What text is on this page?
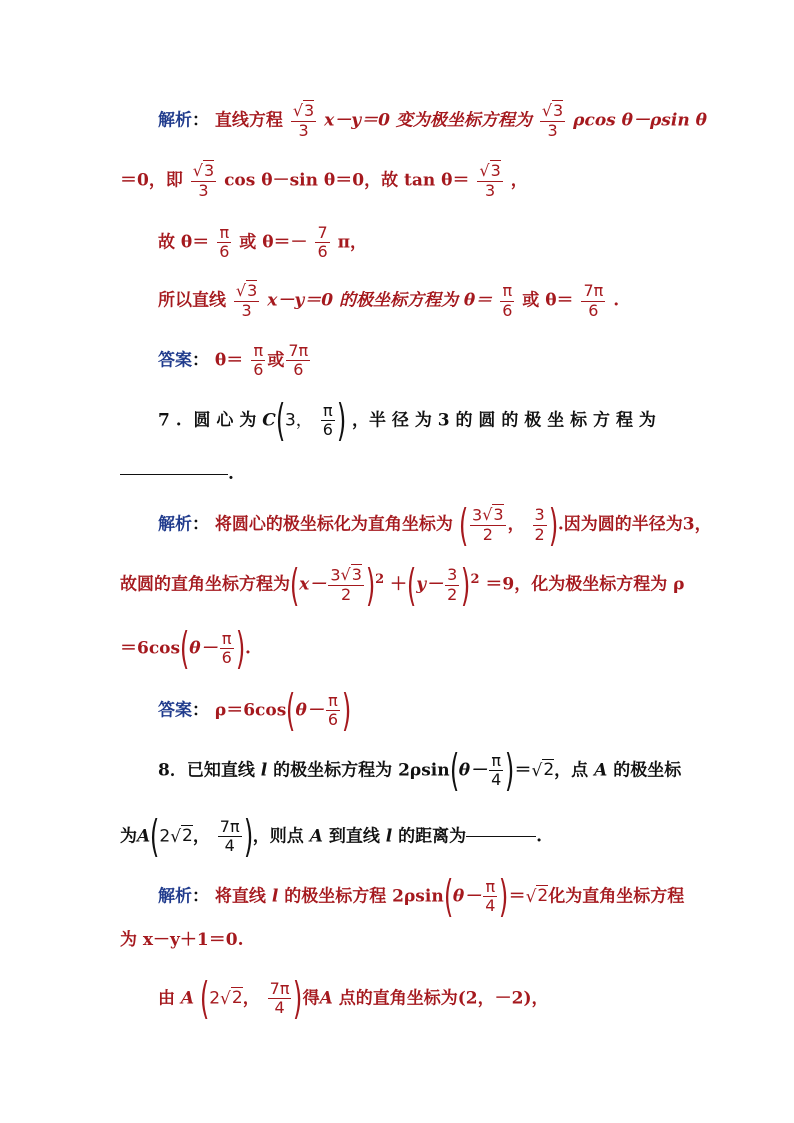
解析： 直线方程 $\frac{√3}{3} x-y=0$ 变为极坐标方程为 $\frac{√3}{3}$ ρcos θ－ρsin θ
＝0，即 $\frac{√3}{3}$ cos θ－sin θ＝0，故 $\tan \theta= \frac{√3}{3}$ ，
故 $\theta= \frac{\pi}{6}$ 或 $\theta=- \frac{7}{6}$ π，
所以直线 $\frac{√3}{3} x-y=0$ 的极坐标方程为 $\theta= \frac{\pi}{6}$ 或 $\theta= \frac{7\pi}{6}$ .
答案： $\theta= \frac{\pi}{6}$ 或 $\frac{7\pi}{6}$
7 . 圆 心 为 C(3， $\frac{\pi}{6}$ ) ，半 径 为 3 的 圆 的 极 坐 标 方 程 为
.
解析： 将圆心的极坐标化为直角坐标为 ( $\frac{3√3}{2}$ ， $\frac{3}{2}$ ).因为圆的半径为3，
故圆的直角坐标方程为$(x- \frac{3√3}{2} )^2 +(y- \frac{3}{2} )^2 =9$，化为极坐标方程为 ρ
$=6\cos(\theta- \frac{\pi}{6}$ ).
答案： $\rho=6\cos(\theta- \frac{\pi}{6}$ )
8．已知直线 l 的极坐标方程为 $2\rho\sin(\theta- \frac{\pi}{4} )=√2$，点 A 的极坐标
为A(2√2， $\frac{7\pi}{4}$ )，则点 A 到直线 l 的距离为	.
解析： 将直线 l 的极坐标方程 $2\rho\sin(\theta- \frac{\pi}{4} )=√2$化为直角坐标方程
为 x－y＋1＝0.
由 A (2√2， $\frac{7\pi}{4}$ )得A 点的直角坐标为(2，－2)，
